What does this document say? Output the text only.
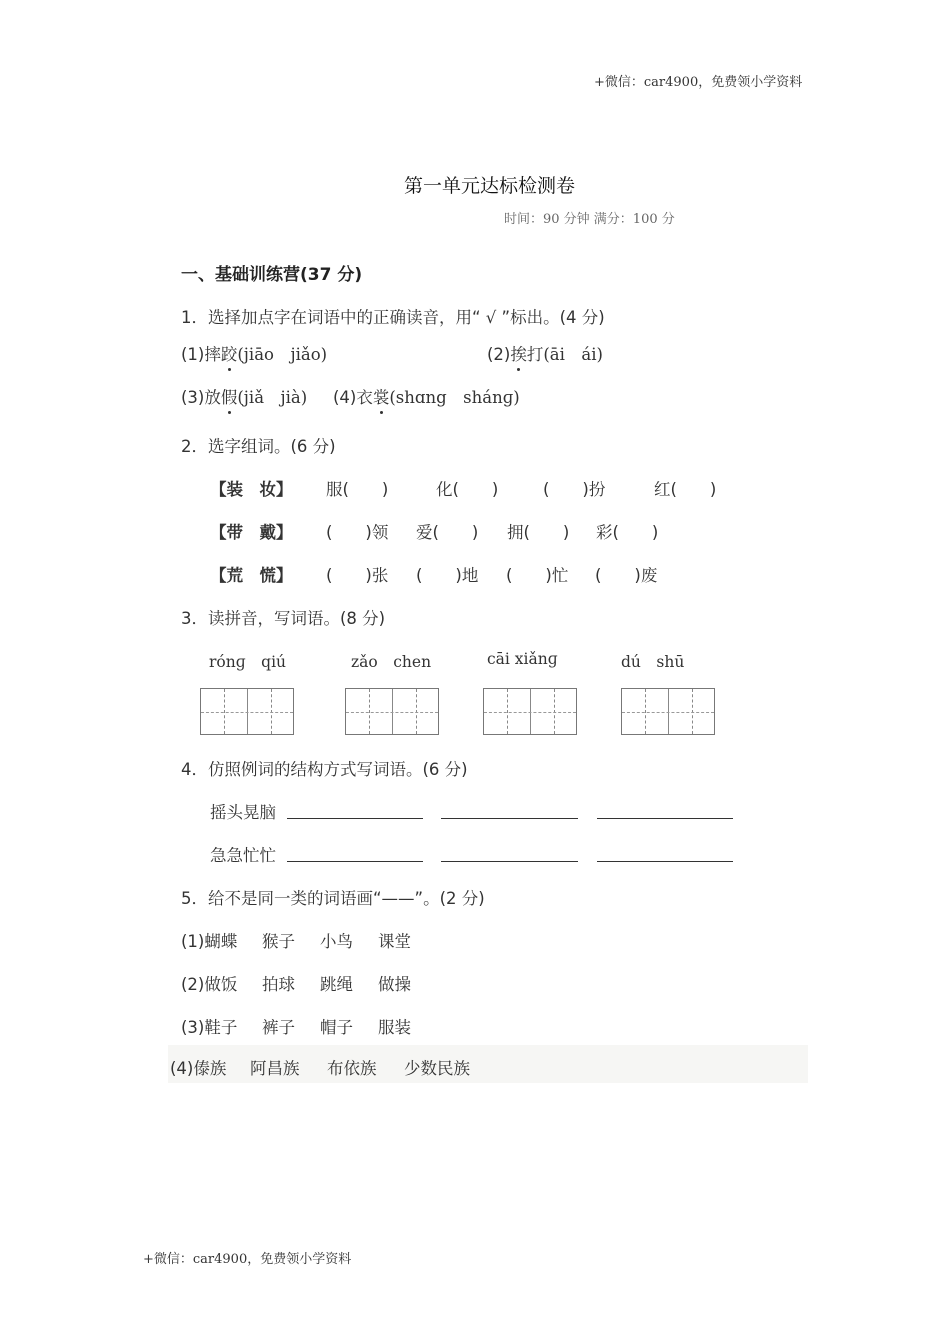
+微信：car4900，免费领小学资料
第一单元达标检测卷
时间：90 分钟 满分：100 分
一、基础训练营(37 分)
1．选择加点字在词语中的正确读音，用“ √ ”标出。(4 分)
(1)摔跤(jiāo　jiǎo)	(2)挨打(āi　ái)
(3)放假(jiǎ　jià) (4)衣裳(shɑng　shánɡ)
2．选字组词。(6 分)
【装　妆】 服(　　)	化(　　)	(　　)扮	红(　　)
【带　戴】 (　　)领 爱(　　) 拥(　　) 彩(　　)
【荒　慌】 (　　)张 (　　)地 (　　)忙 (　　)废
3．读拼音，写词语。(8 分)
rónɡ　qiú	zǎo　chen	cāi xiǎnɡ	dú　shū
4．仿照例词的结构方式写词语。(6 分)
摇头晃脑
急急忙忙
5．给不是同一类的词语画“——”。(2 分)
(1)蝴蝶 猴子 小鸟 课堂
(2)做饭 拍球 跳绳 做操
(3)鞋子 裤子 帽子 服装
(4)傣族 阿昌族 布依族 少数民族
+微信：car4900，免费领小学资料
